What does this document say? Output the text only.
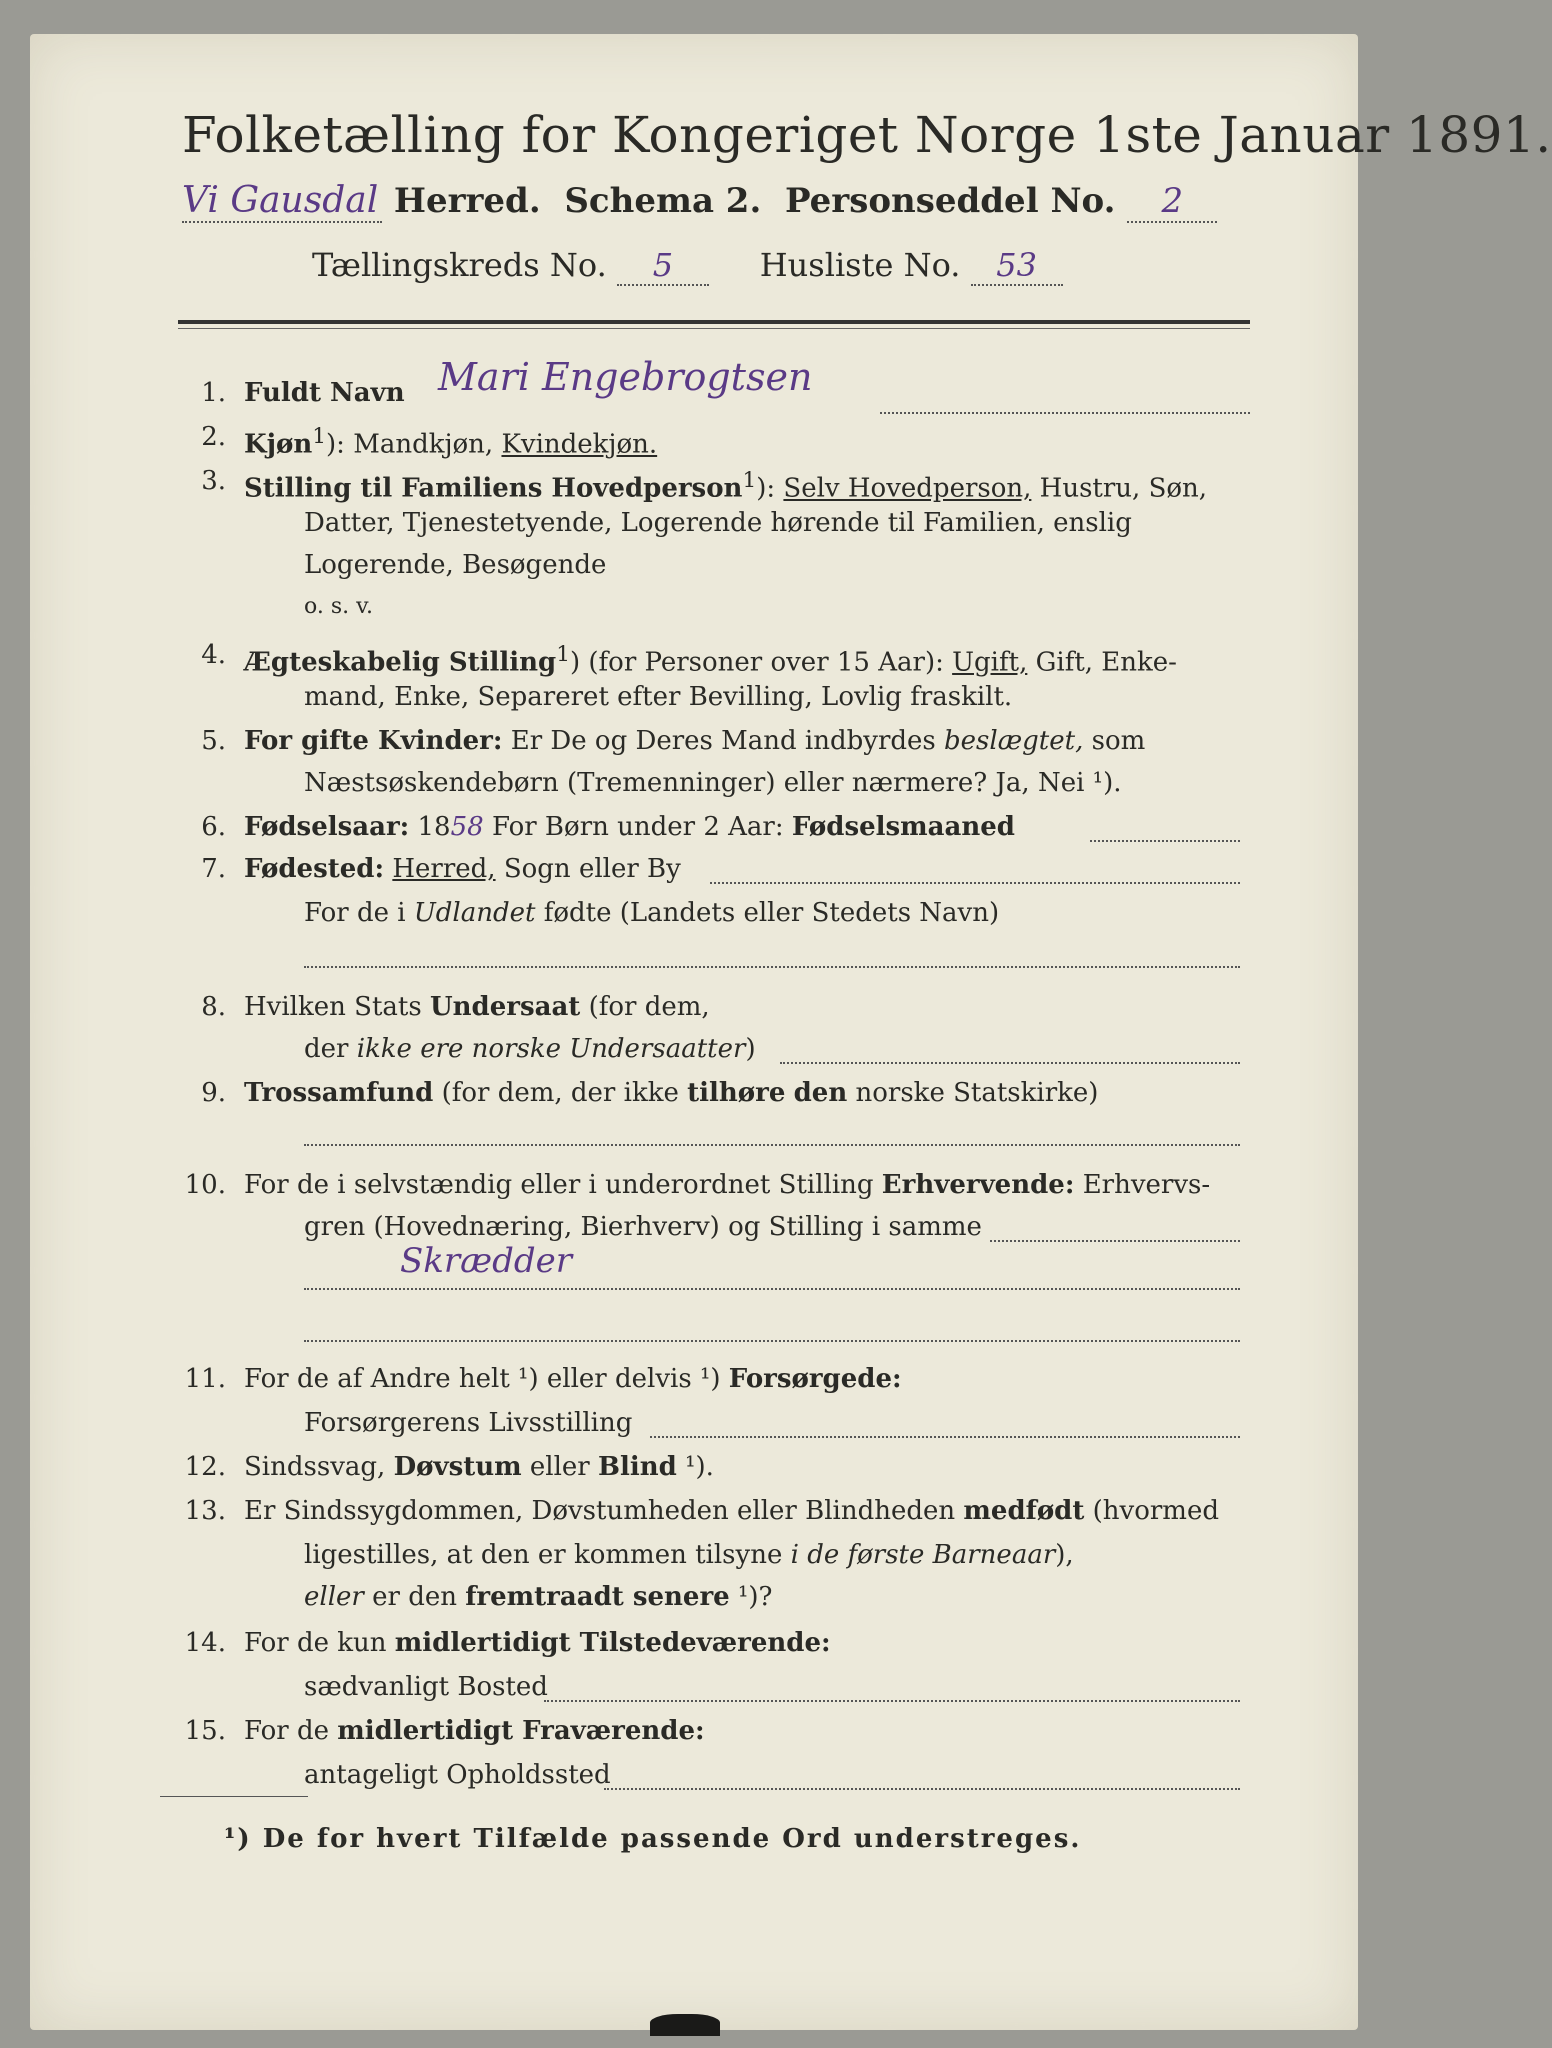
Folketælling for Kongeriget Norge 1ste Januar 1891.
Vi Gausdal Herred. Schema 2. Personseddel No. 2
Tællingskreds No. 5	Husliste No. 53
1. Fuldt Navn Mari Engebrogtsen
2. Kjøn$^1$): Mandkjøn, Kvindekjøn.
3. Stilling til Familiens Hovedperson$^1$): Selv Hovedperson, Hustru, Søn,
Datter, Tjenestetyende, Logerende hørende til Familien, enslig
Logerende, Besøgende
o. s. v.
4. Ægteskabelig Stilling$^1$) (for Personer over 15 Aar): Ugift, Gift, Enke-
mand, Enke, Separeret efter Bevilling, Lovlig fraskilt.
5. For gifte Kvinder: Er De og Deres Mand indbyrdes beslægtet, som
Næstsøskendebørn (Tremenninger) eller nærmere? Ja, Nei ¹).
6. Fødselsaar: 1858 For Børn under 2 Aar: Fødselsmaaned
7. Fødested: Herred, Sogn eller By
For de i Udlandet fødte (Landets eller Stedets Navn)
8. Hvilken Stats Undersaat (for dem,
der ikke ere norske Undersaatter)
9. Trossamfund (for dem, der ikke tilhøre den norske Statskirke)
10. For de i selvstændig eller i underordnet Stilling Erhvervende: Erhvervs-
gren (Hovednæring, Bierhverv) og Stilling i samme
Skrædder
11. For de af Andre helt ¹) eller delvis ¹) Forsørgede:
Forsørgerens Livsstilling
12. Sindssvag, Døvstum eller Blind ¹).
13. Er Sindssygdommen, Døvstumheden eller Blindheden medfødt (hvormed
ligestilles, at den er kommen tilsyne i de første Barneaar),
eller er den fremtraadt senere ¹)?
14. For de kun midlertidigt Tilstedeværende:
sædvanligt Bosted
15. For de midlertidigt Fraværende:
antageligt Opholdssted
¹) De for hvert Tilfælde passende Ord understreges.
